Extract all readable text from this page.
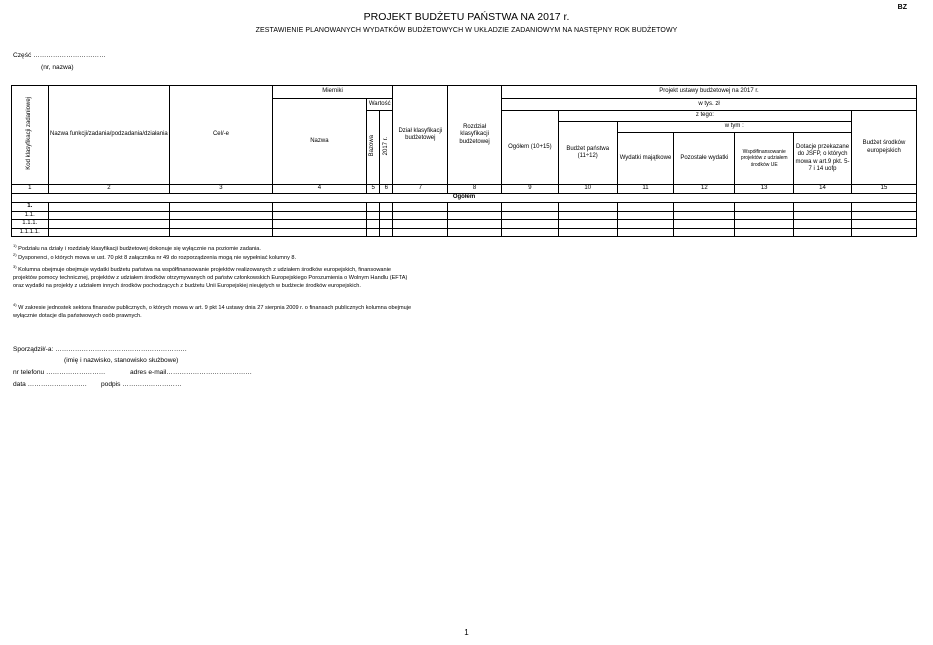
BZ
PROJEKT BUDŻETU PAŃSTWA NA 2017 r.
ZESTAWIENIE PLANOWANYCH WYDATKÓW BUDŻETOWYCH W UKŁADZIE ZADANIOWYM NA NASTĘPNY ROK BUDŻETOWY
Część ……………………………
(nr, nazwa)
Kod klasyfikacji zadaniowej	Nazwa funkcji/zadania/podzadania/działania	Cel/-e	Mierniki			Dział klasyfikacji budżetowej	Rozdział klasyfikacji budżetowej	Projekt ustawy budżetowej na 2017 r.						
			Nazwa	Wartość				w tys. zł						
				Bazowa	2017 r.			Ogółem (10+15)	z tego:					Budżet środków europejskich
									Budżet państwa (11÷12)	w tym :				
										Wydatki majątkowe	Pozostałe wydatki	Współfinansowanie projektów z udziałem środków UE	Dotacje przekazane do JSFP, o których mowa w art.9 pkt. 5-7 i 14 uofp	
1	2	3	4	5	6	7	8	9	10	11	12	13	14	15
Ogółem														
1.														
1.1.														
1.1.1.														
1.1.1.1.														
$^{1)}$ Podziału na działy i rozdziały klasyfikacji budżetowej dokonuje się wyłącznie na poziomie zadania.
$^{2)}$ Dysponenci, o których mowa w ust. 70 pkt 8 załącznika nr 49 do rozporządzenia mogą nie wypełniać kolumny 8.
$^{3)}$ Kolumna obejmuje obejmuje wydatki budżetu państwa na współfinansowanie projektów realizowanych z udziałem środków europejskich, finansowanie projektów pomocy technicznej, projektów z udziałem środków otrzymywanych od państw członkowskich Europejskiego Porozumienia o Wolnym Handlu (EFTA) oraz wydatki na projekty z udziałem innych środków pochodzących z budżetu Unii Europejskiej nieujętych w budżecie środków europejskich.
$^{4)}$ W zakresie jednostek sektora finansów publicznych, o których mowa w art. 9 pkt 14 ustawy dnia 27 sierpnia 2009 r. o finansach publicznych kolumna obejmuje wyłącznie dotacje dla państwowych osób prawnych.
Sporządził/-a: ……………………………………………………
(imię i nazwisko, stanowisko służbowe)
nr telefonu ………………………	adres e-mail…………………………………
data ……………………… podpis ………………………
1
